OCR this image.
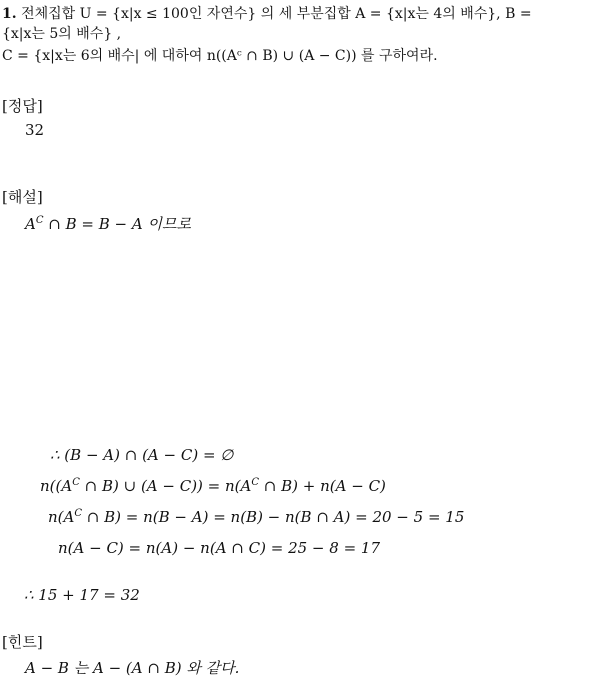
1. 전체집합 U = {x|x ≤ 100인 자연수} 의 세 부분집합 A = {x|x는 4의 배수}, B =
{x|x는 5의 배수} ,
C = {x|x는 6의 배수| 에 대하여 n((Aᶜ ∩ B) ∪ (A − C)) 를 구하여라.
[정답]
32
[해설]
$A^C$ ∩ B = B − A 이므로
∴ (B − A) ∩ (A − C) = ∅
$n((A^C$ ∩ B) ∪ $(A - C)) = n(A^C$ ∩ B) + n(A − C)
$n(A^C$ ∩ B) = n(B − A) = n(B) − n(B ∩ A) = 20 − 5 = 15
n(A − C) = n(A) − n(A ∩ C) = 25 − 8 = 17
∴ 15 + 17 = 32
[힌트]
A − B 는 A − (A ∩ B) 와 같다.
